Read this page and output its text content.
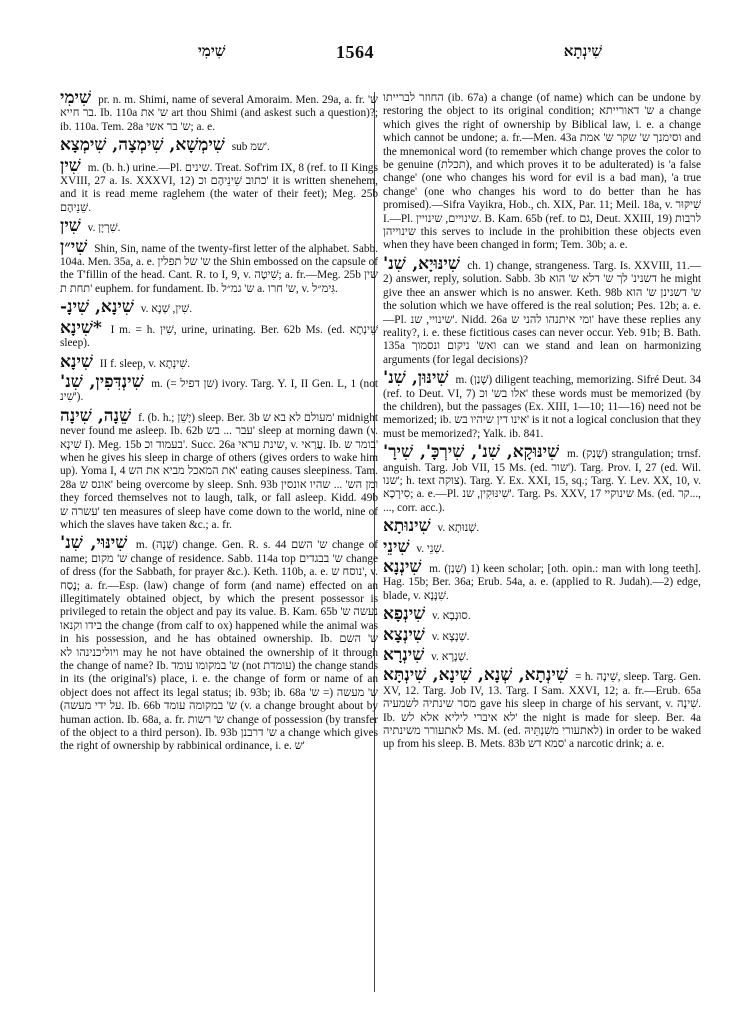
שִׁימִי	1564	שִׁינְתָא
שִׁימִי pr. n. m. Shimi, name of several Amoraim. Men. 29a, a. fr. ש' בר חייא. Ib. 110a ש' את art thou Shimi (and askest such a question)?; ib. 110a. Tem. 28a ש' בר אשי; a. e.
שִׁימְשָׁא, שִׁימְצָה, שִׁימְצָא sub שמ'.
שִׁין m. (b. h.) urine.—Pl. שינים. Treat. Sof'rim IX, 8 (ref. to II Kings XVIII, 27 a. Is. XXXVI, 12) כתוב שֵׁינֵיהֶם וכ' it is written shenehem, and it is read meme raglehem (the water of their feet); Meg. 25b שֵׁנֵיהֶם.
שִׁין v. שִׁרְיָן.
שִׁי״ן Shin, Sin, name of the twenty-first letter of the alphabet. Sabb. 104a. Men. 35a, a. e. ש' של תפלין the Shin embossed on the capsule of the T'fillin of the head. Cant. R. to I, 9, v. שִׁיטָה; a. fr.—Meg. 25b שין תחת ת' euphem. for fundament. Ib. ש' גמ״ל a. ש' חרו, v. גִּימ״ל.
שִׁינָא, שִׁינָ- v. שִׁין, שְׁנָא.
*שִׁינָא I m. = h. שִׁין, urine, urinating. Ber. 62b Ms. (ed. שֵׁינְתָא sleep).
שִׁינָא II f. sleep, v. שִׁינְתָא.
שִׁינְדִּפִין, שִׁנ' m. (= שן דפיל) ivory. Targ. Y. I, II Gen. L, 1 (not שִׁינ').
שֵׁנָה, שִׁינָה f. (b. h.; יָשֵׁן) sleep. Ber. 3b מעולם לא בא ש' midnight never found me asleep. Ib. 62b עבר ... בש' sleep at morning dawn (v. שִׁינָא I). Meg. 15b בעמוד וכ'. Succ. 26a שינת עראי, v. עֲרַאי. Ib. בומר ש' when he gives his sleep in charge of others (gives orders to wake him up). Yoma I, 4 את המאכל מביא את הש' eating causes sleepiness. Tam. 28a אונס ש' being overcome by sleep. Snh. 93b ומן הש' ... שהיו אונסין they forced themselves not to laugh, talk, or fall asleep. Kidd. 49b עשרה ש' ten measures of sleep have come down to the world, nine of which the slaves have taken &c.; a. fr.
שִׁינּוּי, שִׁנ' m. (שָׁנָה) change. Gen. R. s. 44 ש' השם change of name; ש' מקום change of residence. Sabb. 114a top ש' בבגדים change of dress (for the Sabbath, for prayer &c.). Keth. 110b, a. e. נוסח ש', v. נֶסַח; a. fr.—Esp. (law) change of form (and name) effected on an illegitimately obtained object, by which the present possessor is privileged to retain the object and pay its value. B. Kam. 65b נעשה ש' בידו וקנאו the change (from calf to ox) happened while the animal was in his possession, and he has obtained ownership. Ib. ש' השם ויוליכנינהו לא may he not have obtained the ownership of it through the change of name? Ib. ש' במקומו עומד (not עומדת) the change stands in its (the original's) place, i. e. the change of form or name of an object does not affect its legal status; ib. 93b; ib. 68a ש' מעשה (= ש' על ידי מעשה). Ib. 66b ש' במקומה עומד (v. a change brought about by human action. Ib. 68a, a. fr. ש' רשות change of possession (by transfer of the object to a third person). Ib. 93b ש' דרבנן a change which gives the right of ownership by rabbinical ordinance, i. e. ש'
החוזר לברייתו (ib. 67a) a change (of name) which can be undone by restoring the object to its original condition; ש' דאורייתא a change which gives the right of ownership by Biblical law, i. e. a change which cannot be undone; a. fr.—Men. 43a וסימנך ש' שקר ש' אמת and the mnemonical word (to remember which change proves the color to be genuine (תכלת), and which proves it to be adulterated) is 'a false change' (one who changes his word for evil is a bad man), 'a true change' (one who changes his word to do better than he has promised).—Sifra Vayikra, Hob., ch. XIX, Par. 11; Meil. 18a, v. שִׁיקּוּר I.—Pl. שינויים, שינויין. B. Kam. 65b (ref. to גם, Deut. XXIII, 19) לרבות שינוייהן this serves to include in the prohibition these objects even when they have been changed in form; Tem. 30b; a. e.
שִׁינּוּיָא, שִׁנ' ch. 1) change, strangeness. Targ. Is. XXVIII, 11.—2) answer, reply, solution. Sabb. 3b דשנינ' לך ש' דלא ש' הוא he might give thee an answer which is no answer. Keth. 98b ש' דשנינן ש' הוא the solution which we have offered is the real solution; Pes. 12b; a. e.—Pl. שינויי, שנ'. Nidd. 26a ומי איתנהו להני ש' have these replies any reality?, i. e. these fictitious cases can never occur. Yeb. 91b; B. Bath. 135a ואש' ניקום ונסמוך can we stand and lean on harmonizing arguments (for legal decisions)?
שִׁינּוּן, שִׁנ' m. (שָׁנַן) diligent teaching, memorizing. Sifré Deut. 34 (ref. to Deut. VI, 7) אלו בש' וכ' these words must be memorized (by the children), but the passages (Ex. XIII, 1—10; 11—16) need not be memorized; ib. אינו דין שיהיו בש' is it not a logical conclusion that they must be memorized?; Yalk. ib. 841.
שִׁינּוּקָא, שִׁנ', שִׁירְכָּ', שִׁירָ' m. (שְׁנַק) strangulation; trnsf. anguish. Targ. Job VII, 15 Ms. (ed. שור'). Targ. Prov. I, 27 (ed. Wil. שנו'; h. text צוקה). Targ. Y. Ex. XXI, 15, sq.; Targ. Y. Lev. XX, 10, v. סִירְכָא; a. e.—Pl. שִׁינּוּקִין, שנ'. Targ. Ps. XXV, 17 שינוקיי Ms. (ed. קר..., ..., corr. acc.).
שִׁינוּתָא v. שְׁנוּתָא.
שִׁינֵי v. שְׁנֵי.
שִׁינְנָא m. (שְׁנַן) 1) keen scholar; [oth. opin.: man with long teeth]. Hag. 15b; Ber. 36a; Erub. 54a, a. e. (applied to R. Judah).—2) edge, blade, v. שִׁנָּנָא.
שִׁינְפָא v. סוּנְבָא.
שִׁינְצָא v. שְׁנָצָא.
שִׁינְרָא v. שְׁנָרָא.
שִׁינְתָא, שְׁנָא, שִׁינָא, שִׁינְתָּא = h. שֵׁינָה, sleep. Targ. Gen. XV, 12. Targ. Job IV, 13. Targ. I Sam. XXVI, 12; a. fr.—Erub. 65a מסר שינתיה לשמעיה gave his sleep in charge of his servant, v. שִׁינָה. Ib. לא איברי ליליא אלא לש' the night is made for sleep. Ber. 4a לאתעורר משינתיה Ms. M. (ed. לאתעורי משִׁנְתֵּיהּ) in order to be waked up from his sleep. B. Mets. 83b סמא דש' a narcotic drink; a. e.
